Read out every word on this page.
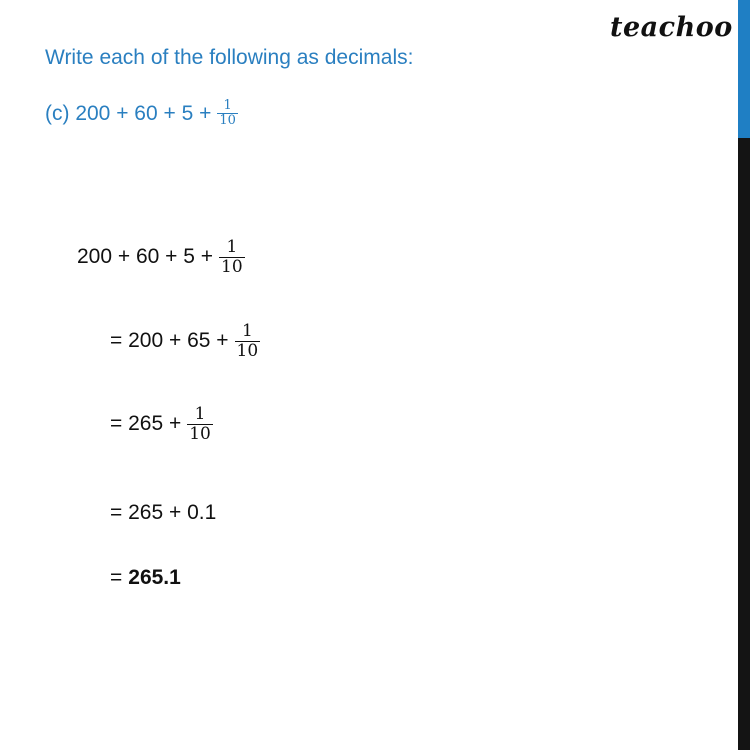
teachoo
Write each of the following as decimals:
(c) $200 + 60 + 5 + \frac{1}{10}$
$200 + 60 + 5 + \frac{1}{10}$
= $200 + 65 + \frac{1}{10}$
= $265 + \frac{1}{10}$
= 265 + 0.1
= 265.1
